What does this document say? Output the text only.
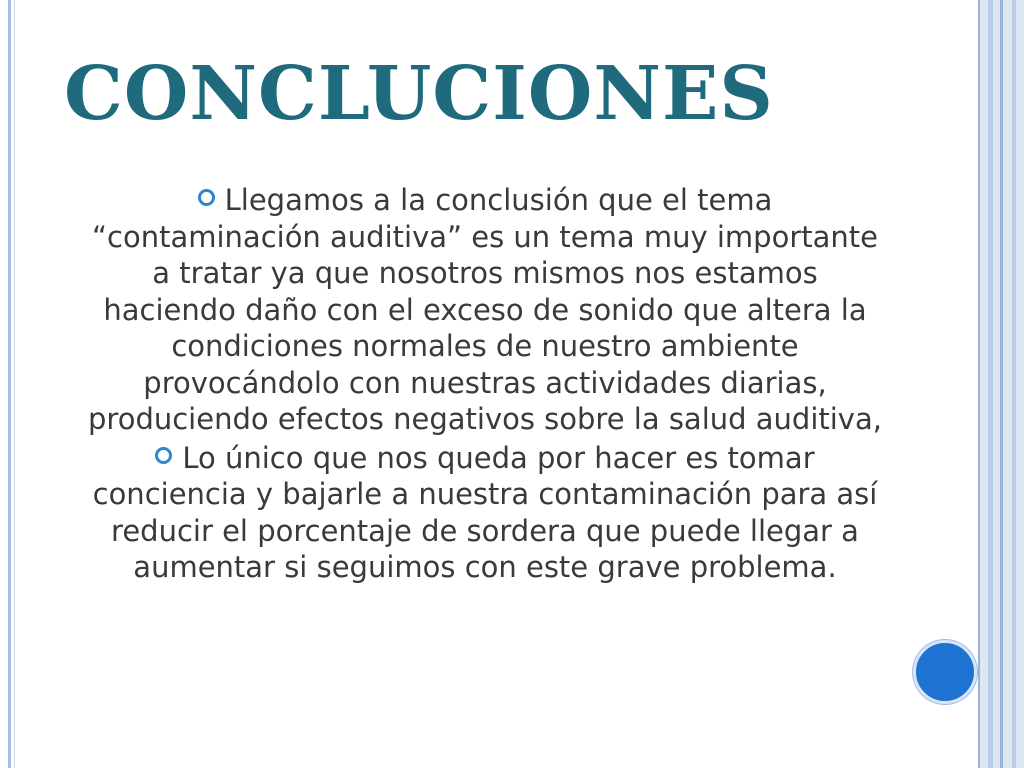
CONCLUCIONES

Llegamos a la conclusión que el tema “contaminación auditiva” es un tema muy importante a tratar ya que nosotros mismos nos estamos haciendo daño con el exceso de sonido que altera la condiciones normales de nuestro ambiente provocándolo con nuestras actividades diarias, produciendo efectos negativos sobre la salud auditiva,

Lo único que nos queda por hacer es tomar conciencia y bajarle a nuestra contaminación para así reducir el porcentaje de sordera que puede llegar a aumentar si seguimos con este grave problema.
